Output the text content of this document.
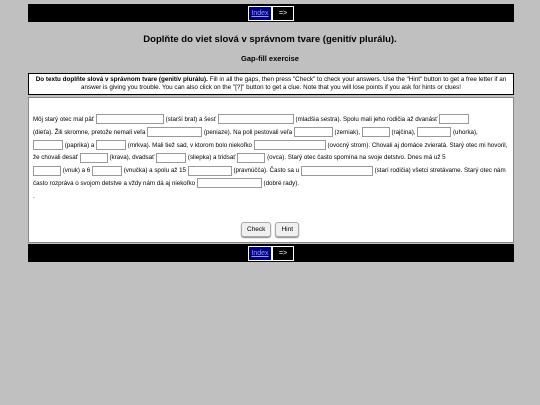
Index	=>
Doplňte do viet slová v správnom tvare (genitív plurálu).
Gap-fill exercise
Do textu doplňte slová v správnom tvare (genitív plurálu). Fill in all the gaps, then press "Check" to check your answers. Use the "Hint" button to get a free letter if an answer is giving you trouble. You can also click on the "[?]" button to get a clue. Note that you will lose points if you ask for hints or clues!
Môj starý otec mal päť	(starší brat) a šesť	(mladšia sestra). Spolu mali jeho rodičia až dvanásť
(dieťa). Žili skromne, pretože nemali veľa	(peniaze). Na poli pestovali veľa	(zemiak),	(rajčina),	(uhorka),
(paprika) a	(mrkva). Mali tiež sad, v ktorom bolo niekoľko	(ovocný strom). Chovali aj domáce zvieratá. Starý otec mi hovoril, že chovali desať	(krava), dvadsať	(sliepka) a tridsať	(ovca). Starý otec často spomína na svoje detstvo. Dnes má už 5
(vnuk) a 6	(vnučka) a spolu až 15	(pravnúčča). Často sa u	(starí rodičia) všetci stretávame. Starý otec nám často rozpráva o svojom detstve a vždy nám dá aj niekoľko	(dobré rady).
.
Check	Hint
Index	=>
